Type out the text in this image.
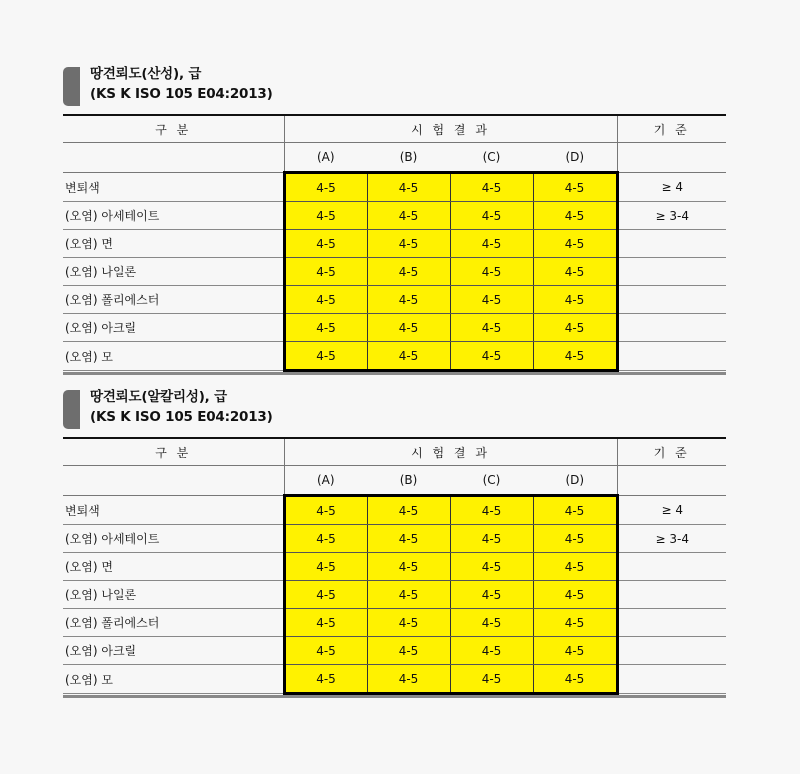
땅견뢰도(산성), 급
(KS K ISO 105 E04:2013)
구 분	시 험 결 과				기 준
	(A)	(B)	(C)	(D)	
변퇴색	4-5	4-5	4-5	4-5	≥ 4
(오염) 아세테이트	4-5	4-5	4-5	4-5	≥ 3-4
(오염) 면	4-5	4-5	4-5	4-5	
(오염) 나일론	4-5	4-5	4-5	4-5	
(오염) 폴리에스터	4-5	4-5	4-5	4-5	
(오염) 아크릴	4-5	4-5	4-5	4-5	
(오염) 모	4-5	4-5	4-5	4-5	
땅견뢰도(알칼리성), 급
(KS K ISO 105 E04:2013)
구 분	시 험 결 과				기 준
	(A)	(B)	(C)	(D)	
변퇴색	4-5	4-5	4-5	4-5	≥ 4
(오염) 아세테이트	4-5	4-5	4-5	4-5	≥ 3-4
(오염) 면	4-5	4-5	4-5	4-5	
(오염) 나일론	4-5	4-5	4-5	4-5	
(오염) 폴리에스터	4-5	4-5	4-5	4-5	
(오염) 아크릴	4-5	4-5	4-5	4-5	
(오염) 모	4-5	4-5	4-5	4-5	
